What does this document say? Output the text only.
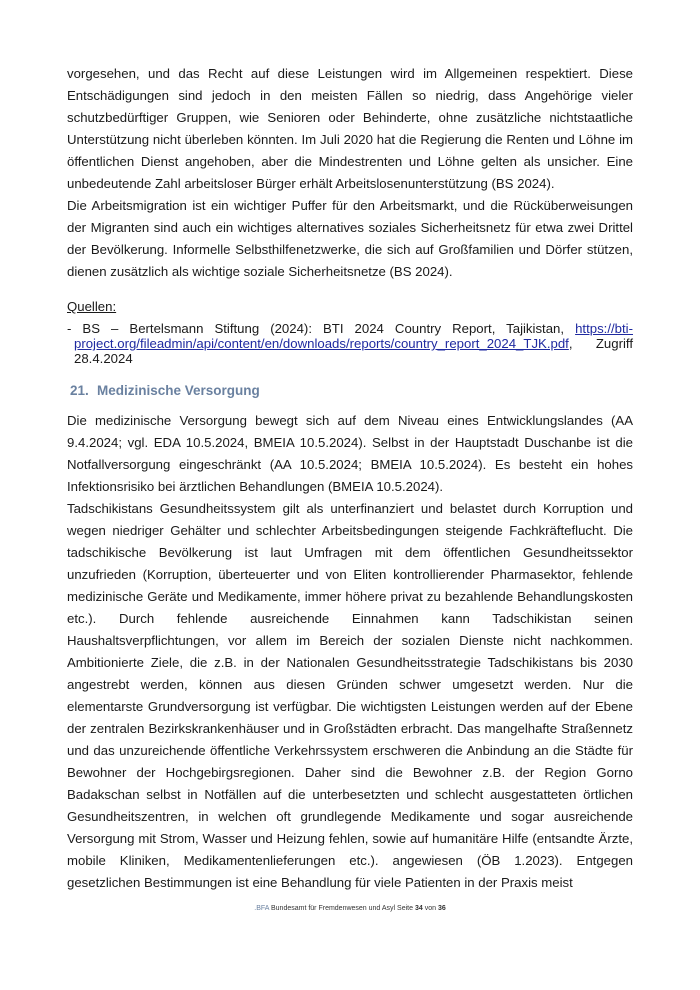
vorgesehen, und das Recht auf diese Leistungen wird im Allgemeinen respektiert. Diese Entschädigungen sind jedoch in den meisten Fällen so niedrig, dass Angehörige vieler schutzbedürftiger Gruppen, wie Senioren oder Behinderte, ohne zusätzliche nichtstaatliche Unterstützung nicht überleben könnten. Im Juli 2020 hat die Regierung die Renten und Löhne im öffentlichen Dienst angehoben, aber die Mindestrenten und Löhne gelten als unsicher. Eine unbedeutende Zahl arbeitsloser Bürger erhält Arbeitslosenunterstützung (BS 2024).

Die Arbeitsmigration ist ein wichtiger Puffer für den Arbeitsmarkt, und die Rücküberweisungen der Migranten sind auch ein wichtiges alternatives soziales Sicherheitsnetz für etwa zwei Drittel der Bevölkerung. Informelle Selbsthilfenetzwerke, die sich auf Großfamilien und Dörfer stützen, dienen zusätzlich als wichtige soziale Sicherheitsnetze (BS 2024).

Quellen:
- BS – Bertelsmann Stiftung (2024): BTI 2024 Country Report, Tajikistan, https://bti-project.org/fileadmin/api/content/en/downloads/reports/country_report_2024_TJK.pdf, Zugriff 28.4.2024
21. Medizinische Versorgung

Die medizinische Versorgung bewegt sich auf dem Niveau eines Entwicklungslandes (AA 9.4.2024; vgl. EDA 10.5.2024, BMEIA 10.5.2024). Selbst in der Hauptstadt Duschanbe ist die Notfallversorgung eingeschränkt (AA 10.5.2024; BMEIA 10.5.2024). Es besteht ein hohes Infektionsrisiko bei ärztlichen Behandlungen (BMEIA 10.5.2024).

Tadschikistans Gesundheitssystem gilt als unterfinanziert und belastet durch Korruption und wegen niedriger Gehälter und schlechter Arbeitsbedingungen steigende Fachkräfteflucht. Die tadschikische Bevölkerung ist laut Umfragen mit dem öffentlichen Gesundheitssektor unzufrieden (Korruption, überteuerter und von Eliten kontrollierender Pharmasektor, fehlende medizinische Geräte und Medikamente, immer höhere privat zu bezahlende Behandlungskosten etc.). Durch fehlende ausreichende Einnahmen kann Tadschikistan seinen Haushaltsverpflichtungen, vor allem im Bereich der sozialen Dienste nicht nachkommen. Ambitionierte Ziele, die z.B. in der Nationalen Gesundheitsstrategie Tadschikistans bis 2030 angestrebt werden, können aus diesen Gründen schwer umgesetzt werden. Nur die elementarste Grundversorgung ist verfügbar. Die wichtigsten Leistungen werden auf der Ebene der zentralen Bezirkskrankenhäuser und in Großstädten erbracht. Das mangelhafte Straßennetz und das unzureichende öffentliche Verkehrssystem erschweren die Anbindung an die Städte für Bewohner der Hochgebirgsregionen. Daher sind die Bewohner z.B. der Region Gorno Badakschan selbst in Notfällen auf die unterbesetzten und schlecht ausgestatteten örtlichen Gesundheitszentren, in welchen oft grundlegende Medikamente und sogar ausreichende Versorgung mit Strom, Wasser und Heizung fehlen, sowie auf humanitäre Hilfe (entsandte Ärzte, mobile Kliniken, Medikamentenlieferungen etc.). angewiesen (ÖB 1.2023). Entgegen gesetzlichen Bestimmungen ist eine Behandlung für viele Patienten in der Praxis meist

.BFA Bundesamt für Fremdenwesen und Asyl Seite 34 von 36
